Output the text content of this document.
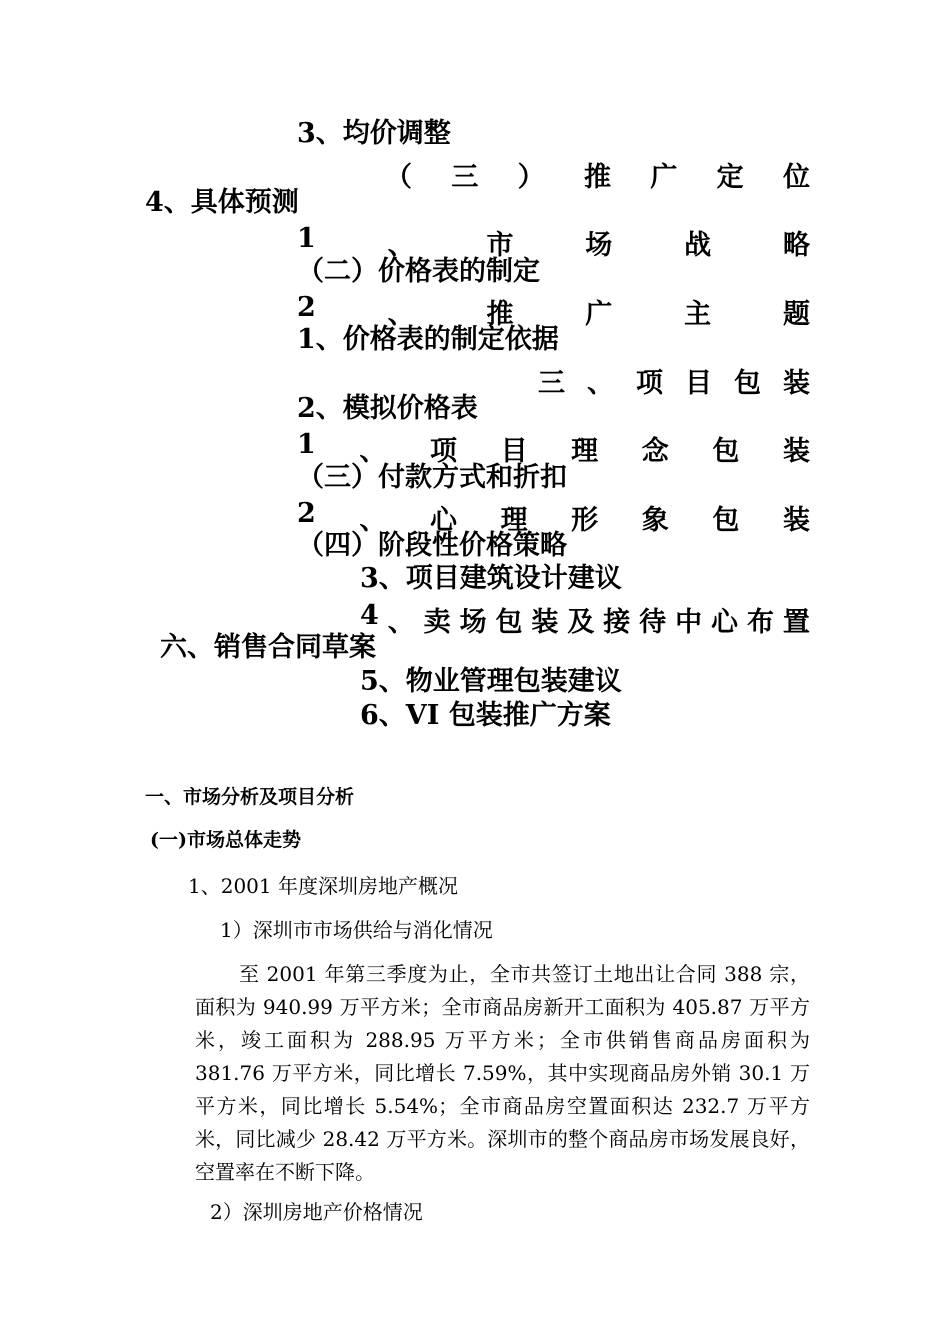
3、均价调整
（ 三 ） 推 广 定 位
4、具体预测
1	、	市	场	战	略
（二）价格表的制定
2	、	推	广	主	题
1、价格表的制定依据
三 、 项 目 包 装
2、模拟价格表
1 、 项 目 理 念 包 装
（三）付款方式和折扣
2 、 心 理 形 象 包 装
（四）阶段性价格策略
3、项目建筑设计建议
4 、 卖 场 包 装 及 接 待 中 心 布 置
六、销售合同草案
5、物业管理包装建议
6、VI 包装推广方案
一、市场分析及项目分析
(一)市场总体走势
1、2001 年度深圳房地产概况
1）深圳市市场供给与消化情况
至 2001 年第三季度为止，全市共签订土地出让合同 388 宗，面积为 940.99 万平方米；全市商品房新开工面积为 405.87 万平方米，竣工面积为 288.95 万平方米；全市供销售商品房面积为 381.76 万平方米，同比增长 7.59%，其中实现商品房外销 30.1 万平方米，同比增长 5.54%；全市商品房空置面积达 232.7 万平方米，同比减少 28.42 万平方米。深圳市的整个商品房市场发展良好，空置率在不断下降。
2）深圳房地产价格情况
